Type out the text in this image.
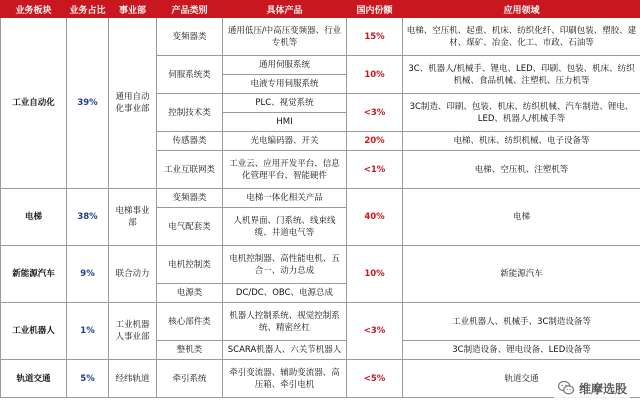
业务板块	业务占比	事业部	产品类别	具体产品	国内份额	应用领域
工业自动化	39%	通用自动化事业部	变频器类	通用低压/中高压变频器、行业专机等	15%	电梯、空压机、起重、机床、纺织化纤、印刷包装、塑胶、建材、煤矿、冶金、化工、市政、石油等
			伺服系统类	通用伺服系统	10%	3C、机器人/机械手、锂电、LED、印刷、包装、机床、纺织机械、食品机械、注塑机、压力机等
				电液专用伺服系统		
			控制技术类	PLC、视觉系统	<3%	3C制造、印刷、包装、机床、纺织机械、汽车制造、锂电、LED、机器人/机械手等
				HMI		
			传感器类	光电编码器、开关	20%	电梯、机床、纺织机械、电子设备等
			工业互联网类	工业云、应用开发平台、信息化管理平台、智能硬件	<1%	电梯、空压机、注塑机等
电梯	38%	电梯事业部	变频器类	电梯一体化相关产品	40%	电梯
			电气配套类	人机界面、门系统、线束线缆、井道电气等		
新能源汽车	9%	联合动力	电机控制类	电机控制器、高性能电机、五合一、动力总成	10%	新能源汽车
			电源类	DC/DC、OBC、电源总成		
工业机器人	1%	工业机器人事业部	核心部件类	机器人控制系统、视觉控制系统、精密丝杠	<3%	工业机器人、机械手、3C制造设备等
			整机类	SCARA机器人、六关节机器人		3C制造设备、锂电设备、LED设备等
轨道交通	5%	经纬轨道	牵引系统	牵引变流器、辅助变流器、高压箱、牵引电机	<5%	轨道交通
维摩选股
